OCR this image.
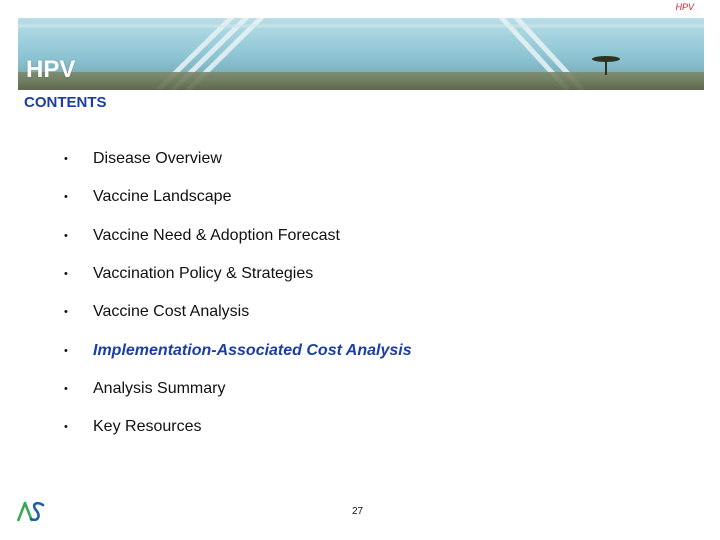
HPV
HPV
CONTENTS
•	Disease Overview
•	Vaccine Landscape
•	Vaccine Need & Adoption Forecast
•	Vaccination Policy & Strategies
•	Vaccine Cost Analysis
•	Implementation-Associated Cost Analysis
•	Analysis Summary
•	Key Resources
27
